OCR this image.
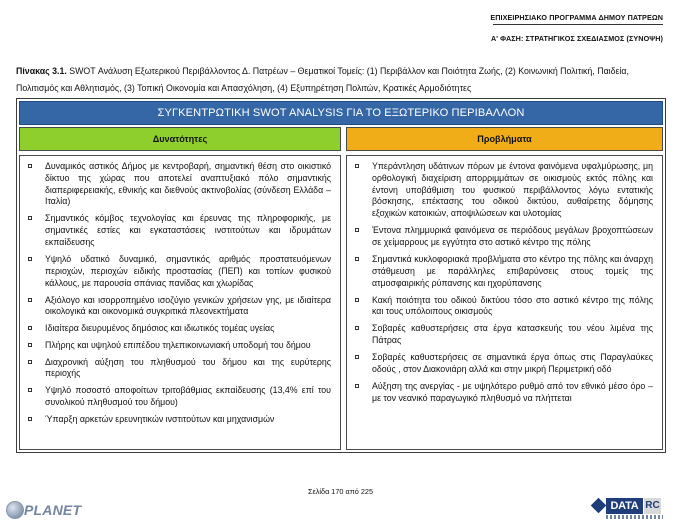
ΕΠΙΧΕΙΡΗΣΙΑΚΟ ΠΡΟΓΡΑΜΜΑ ΔΗΜΟΥ ΠΑΤΡΕΩΝ
Α' ΦΑΣΗ: ΣΤΡΑΤΗΓΙΚΟΣ ΣΧΕΔΙΑΣΜΟΣ (ΣΥΝΟΨΗ)
Πίνακας 3.1. SWOT Ανάλυση Εξωτερικού Περιβάλλοντος Δ. Πατρέων – Θεματικοί Τομείς: (1) Περιβάλλον και Ποιότητα Ζωής, (2) Κοινωνική Πολιτική, Παιδεία, Πολιτισμός και Αθλητισμός, (3) Τοπική Οικονομία και Απασχόληση, (4) Εξυπηρέτηση Πολιτών, Κρατικές Αρμοδιότητες
ΣΥΓΚΕΝΤΡΩΤΙΚΗ SWOT ANALYSIS ΓΙΑ ΤΟ ΕΞΩΤΕΡΙΚΟ ΠΕΡΙΒΑΛΛΟΝ
Δυνατότητες	Προβλήματα
Δυναμικός αστικός Δήμος με κεντροβαρή, σημαντική θέση στο οικιστικό δίκτυο της χώρας που αποτελεί αναπτυξιακό πόλο σημαντικής διαπεριφερειακής, εθνικής και διεθνούς ακτινοβολίας (σύνδεση Ελλάδα – Ιταλία)
Σημαντικός κόμβος τεχνολογίας και έρευνας της πληροφορικής, με σημαντικές εστίες και εγκαταστάσεις ινστιτούτων και ιδρυμάτων εκπαίδευσης
Υψηλό υδατικό δυναμικό, σημαντικός αριθμός προστατευόμενων περιοχών, περιοχών ειδικής προστασίας (ΠΕΠ) και τοπίων φυσικού κάλλους, με παρουσία σπάνιας πανίδας και χλωρίδας
Αξιόλογο και ισορροπημένο ισοζύγιο γενικών χρήσεων γης, με ιδιαίτερα οικολογικά και οικονομικά συγκριτικά πλεονεκτήματα
Ιδιαίτερα διευρυμένος δημόσιος και ιδιωτικός τομέας υγείας
Πλήρης και υψηλού επιπέδου τηλεπικοινωνιακή υποδομή του δήμου
Διαχρονική αύξηση του πληθυσμού του δήμου και της ευρύτερης περιοχής
Υψηλό ποσοστό αποφοίτων τριτοβάθμιας εκπαίδευσης (13,4% επί του συνολικού πληθυσμού του δήμου)
Ύπαρξη αρκετών ερευνητικών ινστιτούτων και μηχανισμών
Υπεράντληση υδάτινων πόρων με έντονα φαινόμενα υφαλμύρωσης, μη ορθολογική διαχείριση απορριμμάτων σε οικισμούς εκτός πόλης και έντονη υποβάθμιση του φυσικού περιβάλλοντος λόγω εντατικής βόσκησης, επέκτασης του οδικού δικτύου, αυθαίρετης δόμησης εξοχικών κατοικιών, αποψιλώσεων και υλοτομίας
Έντονα πλημμυρικά φαινόμενα σε περιόδους μεγάλων βροχοπτώσεων σε χείμαρρους με εγγύτητα στο αστικό κέντρο της πόλης
Σημαντικά κυκλοφοριακά προβλήματα στο κέντρο της πόλης και άναρχη στάθμευση με παράλληλες επιβαρύνσεις στους τομείς της ατμοσφαιρικής ρύπανσης και ηχορύπανσης
Κακή ποιότητα του οδικού δικτύου τόσο στο αστικό κέντρο της πόλης και τους υπόλοιπους οικισμούς
Σοβαρές καθυστερήσεις στα έργα κατασκευής του νέου λιμένα της Πάτρας
Σοβαρές καθυστερήσεις σε σημαντικά έργα όπως στις Παραγλαύκες οδούς , στον Διακονιάρη αλλά και στην μικρή Περιμετρική οδό
Αύξηση της ανεργίας - με υψηλότερο ρυθμό από τον εθνικό μέσο όρο – με τον νεανικό παραγωγικό πληθυσμό να πλήττεται
Σελίδα 170 από 225
PLANET	DATA RC
